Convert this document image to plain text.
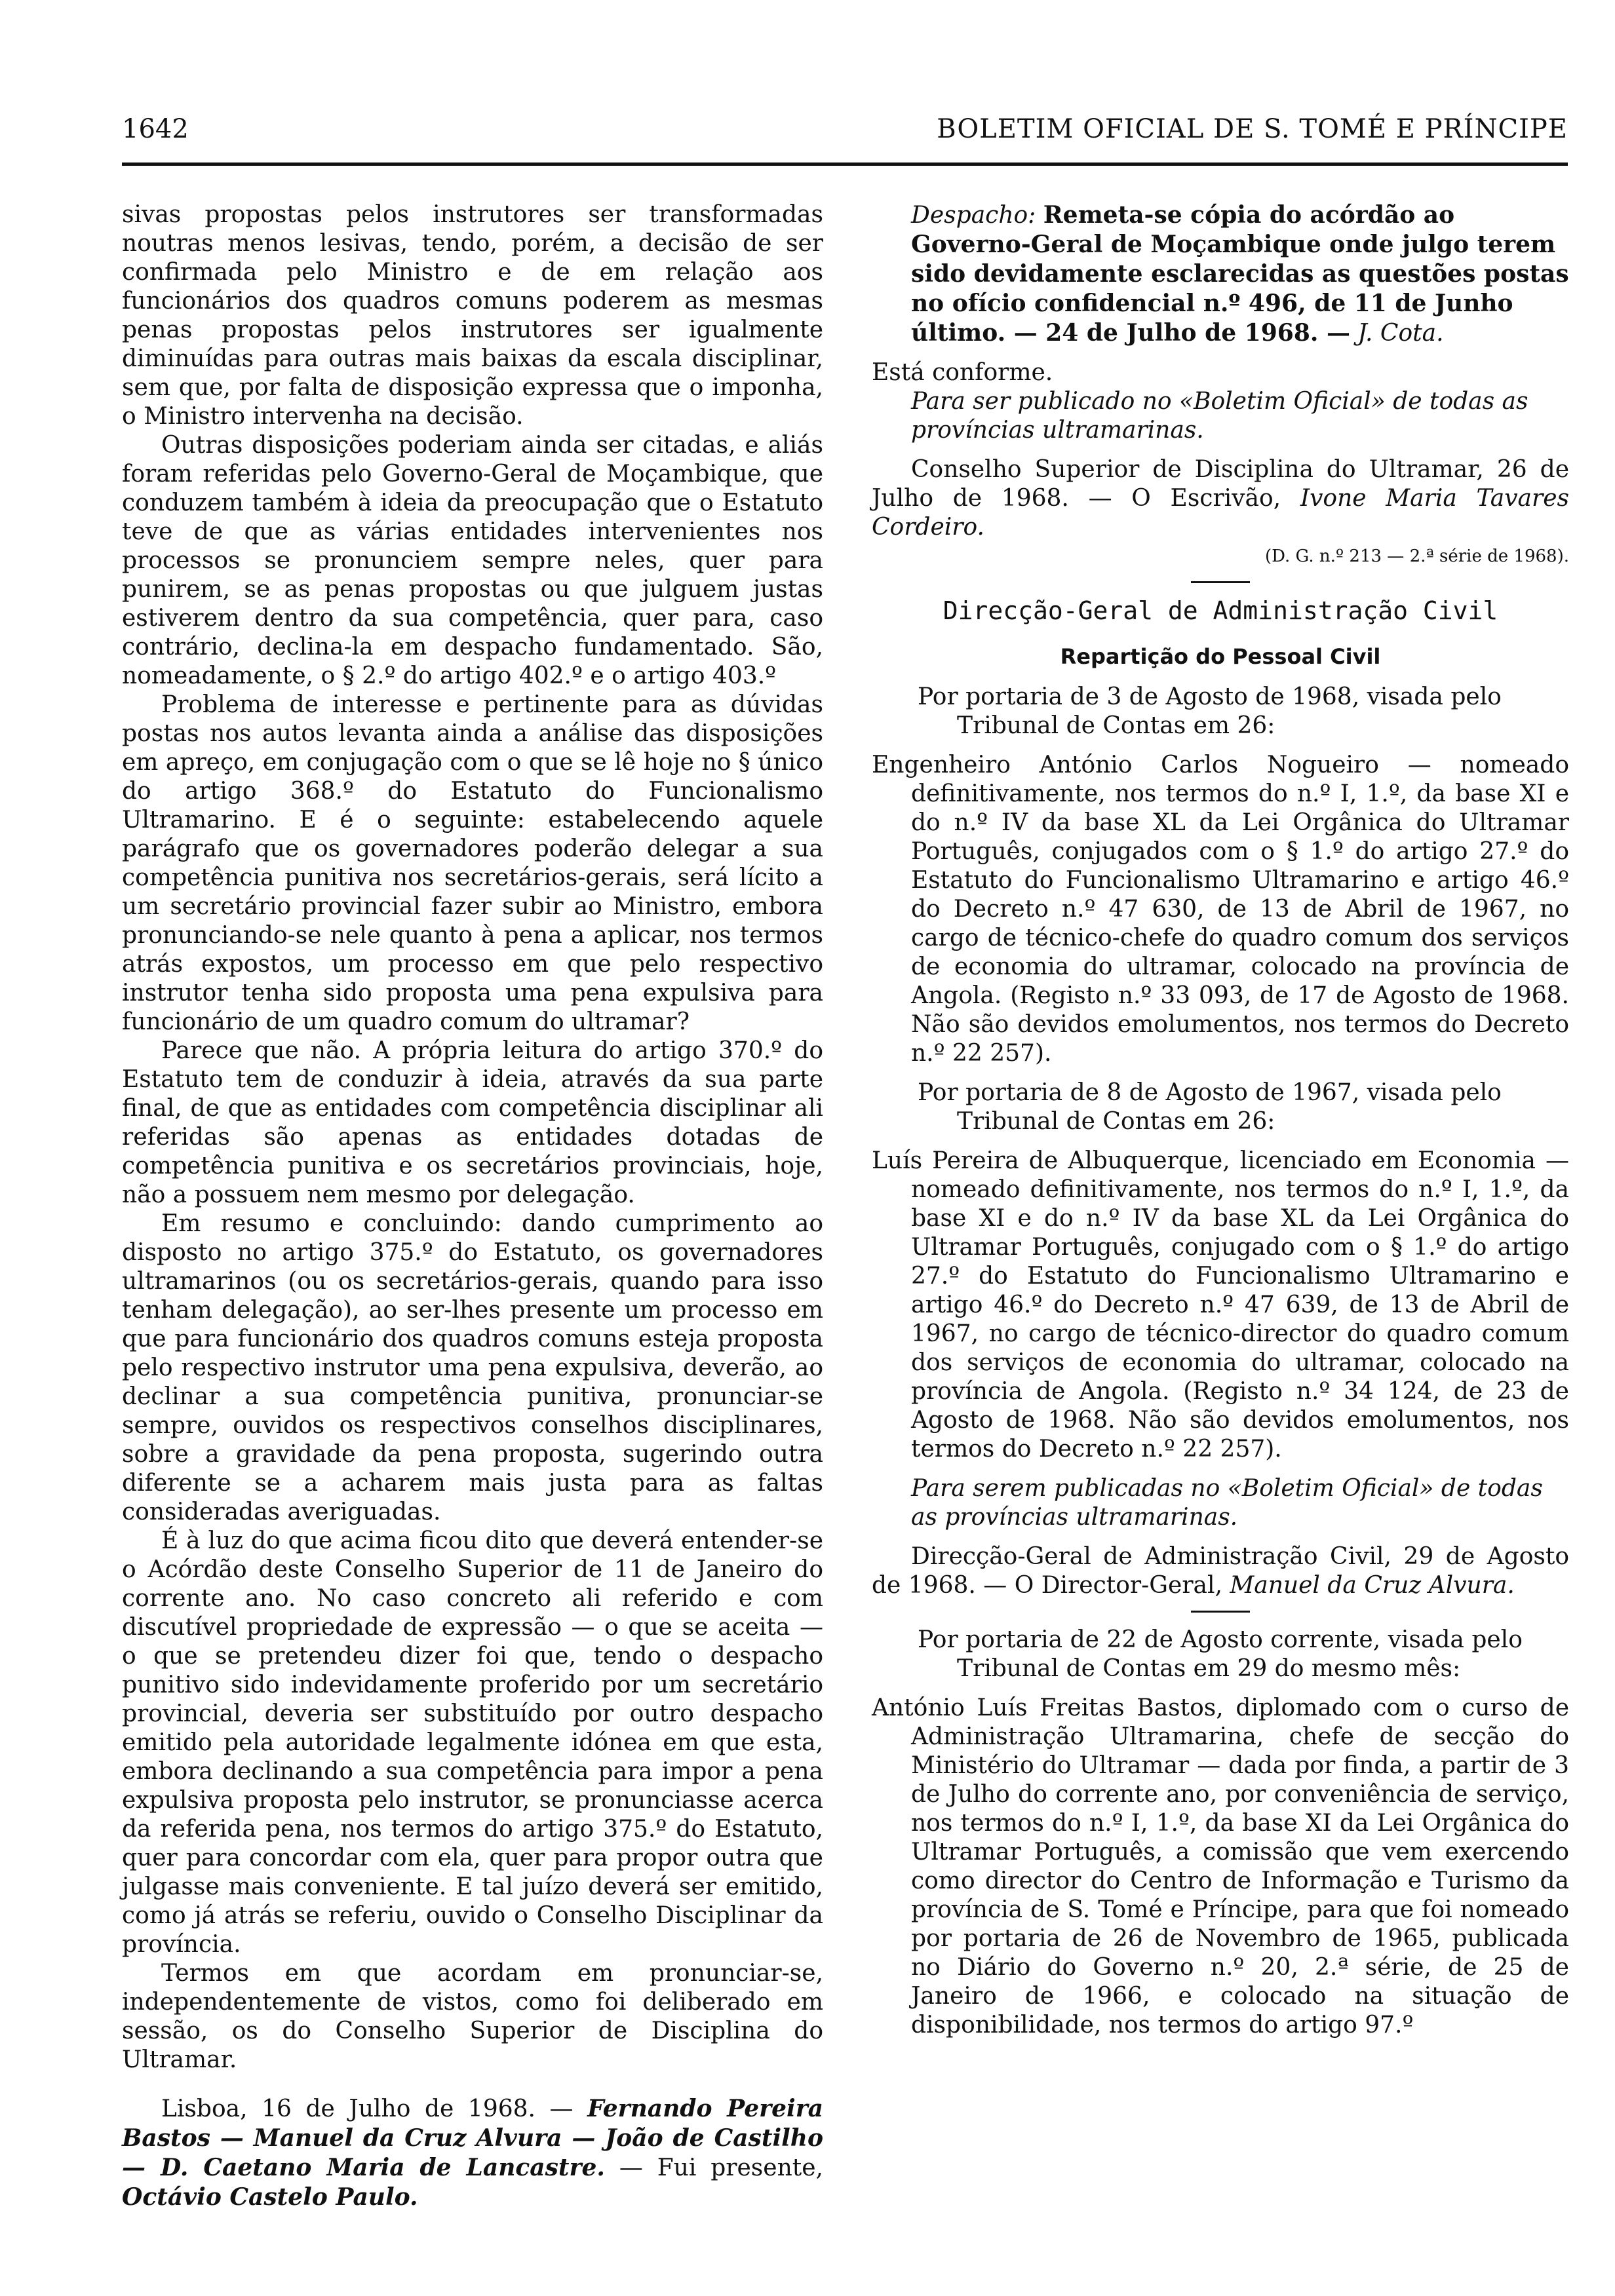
1642	BOLETIM OFICIAL DE S. TOMÉ E PRÍNCIPE

sivas propostas pelos instrutores ser transformadas noutras menos lesivas, tendo, porém, a decisão de ser confirmada pelo Ministro e de em relação aos funcionários dos quadros comuns poderem as mesmas penas propostas pelos instrutores ser igualmente diminuídas para outras mais baixas da escala disciplinar, sem que, por falta de disposição expressa que o imponha, o Ministro intervenha na decisão.

Outras disposições poderiam ainda ser citadas, e aliás foram referidas pelo Governo-Geral de Moçambique, que conduzem também à ideia da preocupação que o Estatuto teve de que as várias entidades intervenientes nos processos se pronunciem sempre neles, quer para punirem, se as penas propostas ou que julguem justas estiverem dentro da sua competência, quer para, caso contrário, declina-la em despacho fundamentado. São, nomeadamente, o § 2.º do artigo 402.º e o artigo 403.º

Problema de interesse e pertinente para as dúvidas postas nos autos levanta ainda a análise das disposições em apreço, em conjugação com o que se lê hoje no § único do artigo 368.º do Estatuto do Funcionalismo Ultramarino. E é o seguinte: estabelecendo aquele parágrafo que os governadores poderão delegar a sua competência punitiva nos secretários-gerais, será lícito a um secretário provincial fazer subir ao Ministro, embora pronunciando-se nele quanto à pena a aplicar, nos termos atrás expostos, um processo em que pelo respectivo instrutor tenha sido proposta uma pena expulsiva para funcionário de um quadro comum do ultramar?

Parece que não. A própria leitura do artigo 370.º do Estatuto tem de conduzir à ideia, através da sua parte final, de que as entidades com competência disciplinar ali referidas são apenas as entidades dotadas de competência punitiva e os secretários provinciais, hoje, não a possuem nem mesmo por delegação.

Em resumo e concluindo: dando cumprimento ao disposto no artigo 375.º do Estatuto, os governadores ultramarinos (ou os secretários-gerais, quando para isso tenham delegação), ao ser-lhes presente um processo em que para funcionário dos quadros comuns esteja proposta pelo respectivo instrutor uma pena expulsiva, deverão, ao declinar a sua competência punitiva, pronunciar-se sempre, ouvidos os respectivos conselhos disciplinares, sobre a gravidade da pena proposta, sugerindo outra diferente se a acharem mais justa para as faltas consideradas averiguadas.

É à luz do que acima ficou dito que deverá entender-se o Acórdão deste Conselho Superior de 11 de Janeiro do corrente ano. No caso concreto ali referido e com discutível propriedade de expressão — o que se aceita — o que se pretendeu dizer foi que, tendo o despacho punitivo sido indevidamente proferido por um secretário provincial, deveria ser substituído por outro despacho emitido pela autoridade legalmente idónea em que esta, embora declinando a sua competência para impor a pena expulsiva proposta pelo instrutor, se pronunciasse acerca da referida pena, nos termos do artigo 375.º do Estatuto, quer para concordar com ela, quer para propor outra que julgasse mais conveniente. E tal juízo deverá ser emitido, como já atrás se referiu, ouvido o Conselho Disciplinar da província.

Termos em que acordam em pronunciar-se, independentemente de vistos, como foi deliberado em sessão, os do Conselho Superior de Disciplina do Ultramar.

Lisboa, 16 de Julho de 1968. — Fernando Pereira Bastos — Manuel da Cruz Alvura — João de Castilho — D. Caetano Maria de Lancastre. — Fui presente, Octávio Castelo Paulo.

Despacho: Remeta-se cópia do acórdão ao Governo-Geral de Moçambique onde julgo terem sido devidamente esclarecidas as questões postas no ofício confidencial n.º 496, de 11 de Junho último. — 24 de Julho de 1968. — J. Cota.

Está conforme.

Para ser publicado no «Boletim Oficial» de todas as províncias ultramarinas.

Conselho Superior de Disciplina do Ultramar, 26 de Julho de 1968. — O Escrivão, Ivone Maria Tavares Cordeiro.

(D. G. n.º 213 — 2.ª série de 1968).

Direcção-Geral de Administração Civil

Repartição do Pessoal Civil

Por portaria de 3 de Agosto de 1968, visada pelo Tribunal de Contas em 26:

Engenheiro António Carlos Nogueiro — nomeado definitivamente, nos termos do n.º I, 1.º, da base XI e do n.º IV da base XL da Lei Orgânica do Ultramar Português, conjugados com o § 1.º do artigo 27.º do Estatuto do Funcionalismo Ultramarino e artigo 46.º do Decreto n.º 47 630, de 13 de Abril de 1967, no cargo de técnico-chefe do quadro comum dos serviços de economia do ultramar, colocado na província de Angola. (Registo n.º 33 093, de 17 de Agosto de 1968. Não são devidos emolumentos, nos termos do Decreto n.º 22 257).

Por portaria de 8 de Agosto de 1967, visada pelo Tribunal de Contas em 26:

Luís Pereira de Albuquerque, licenciado em Economia — nomeado definitivamente, nos termos do n.º I, 1.º, da base XI e do n.º IV da base XL da Lei Orgânica do Ultramar Português, conjugado com o § 1.º do artigo 27.º do Estatuto do Funcionalismo Ultramarino e artigo 46.º do Decreto n.º 47 639, de 13 de Abril de 1967, no cargo de técnico-director do quadro comum dos serviços de economia do ultramar, colocado na província de Angola. (Registo n.º 34 124, de 23 de Agosto de 1968. Não são devidos emolumentos, nos termos do Decreto n.º 22 257).

Para serem publicadas no «Boletim Oficial» de todas as províncias ultramarinas.

Direcção-Geral de Administração Civil, 29 de Agosto de 1968. — O Director-Geral, Manuel da Cruz Alvura.

Por portaria de 22 de Agosto corrente, visada pelo Tribunal de Contas em 29 do mesmo mês:

António Luís Freitas Bastos, diplomado com o curso de Administração Ultramarina, chefe de secção do Ministério do Ultramar — dada por finda, a partir de 3 de Julho do corrente ano, por conveniência de serviço, nos termos do n.º I, 1.º, da base XI da Lei Orgânica do Ultramar Português, a comissão que vem exercendo como director do Centro de Informação e Turismo da província de S. Tomé e Príncipe, para que foi nomeado por portaria de 26 de Novembro de 1965, publicada no Diário do Governo n.º 20, 2.ª série, de 25 de Janeiro de 1966, e colocado na situação de disponibilidade, nos termos do artigo 97.º
